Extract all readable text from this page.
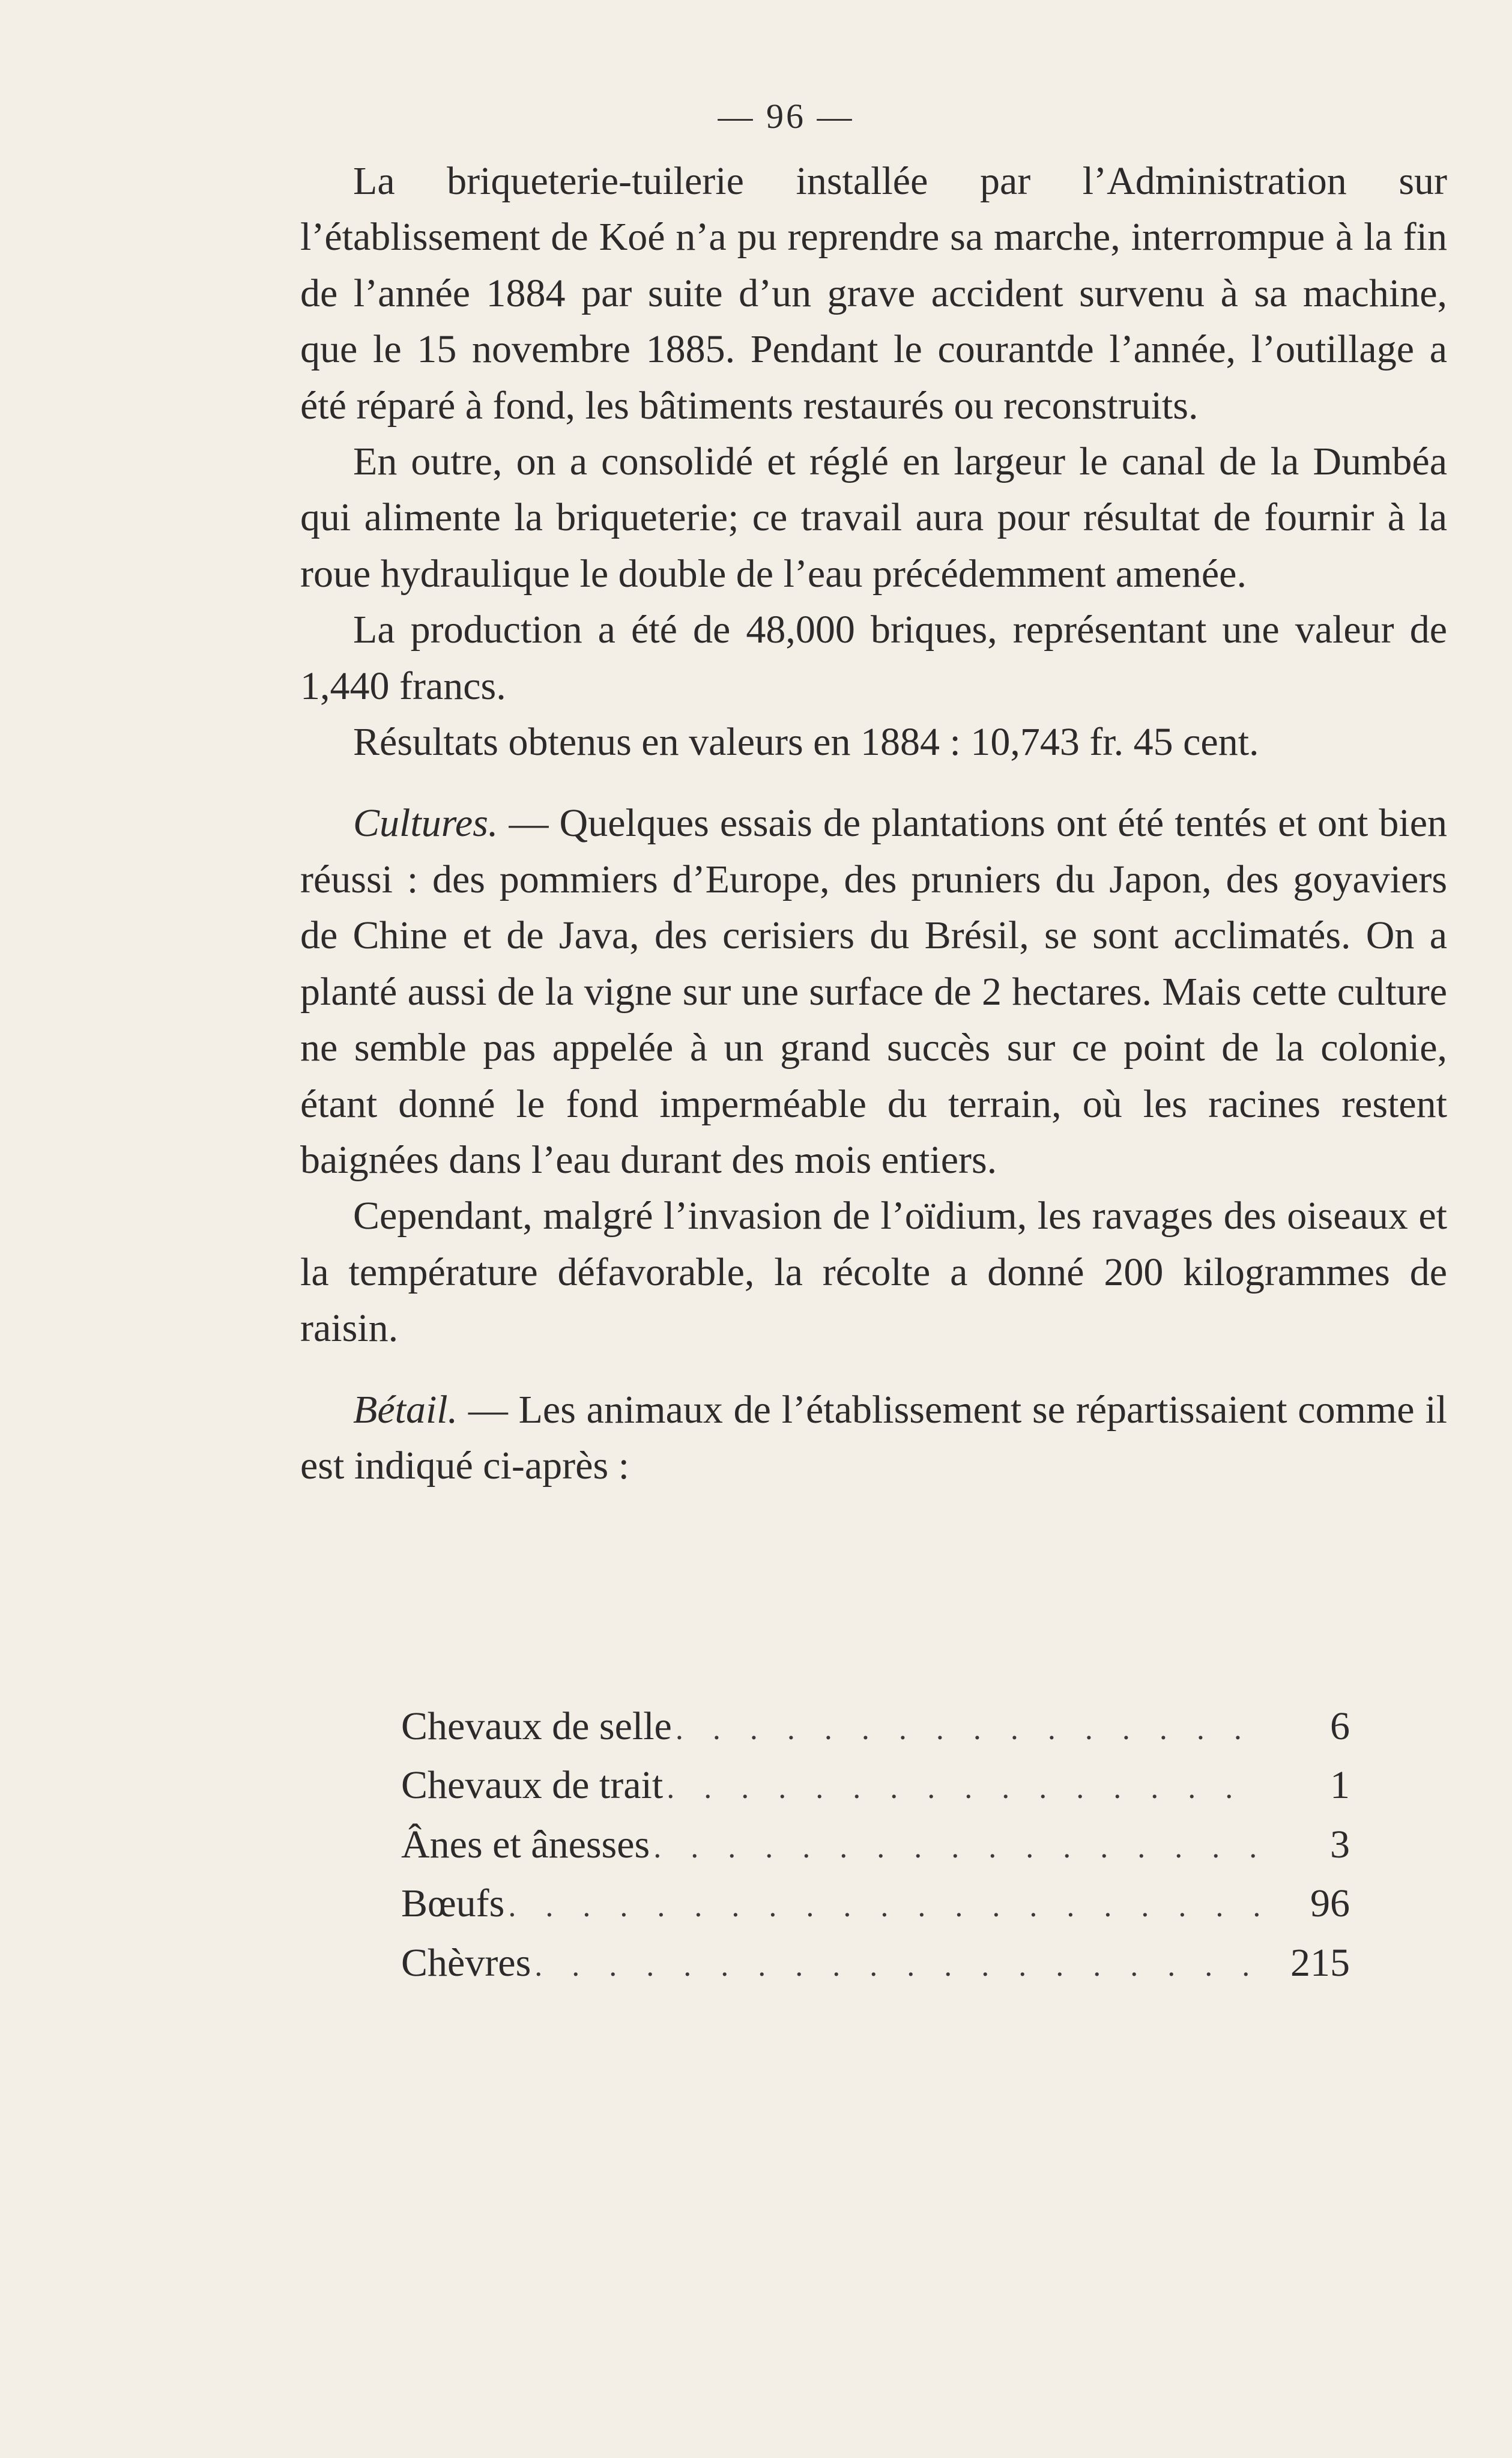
— 96 —

La briqueterie-tuilerie installée par l’Administration sur l’établissement de Koé n’a pu reprendre sa marche, interrompue à la fin de l’année 1884 par suite d’un grave accident survenu à sa machine, que le 15 novembre 1885. Pendant le courantde l’année, l’outillage a été réparé à fond, les bâtiments restaurés ou reconstruits.

En outre, on a consolidé et réglé en largeur le canal de la Dumbéa qui alimente la briqueterie; ce travail aura pour résultat de fournir à la roue hydraulique le double de l’eau précédemment amenée.

La production a été de 48,000 briques, représentant une valeur de 1,440 francs.

Résultats obtenus en valeurs en 1884 : 10,743 fr. 45 cent.

Cultures. — Quelques essais de plantations ont été tentés et ont bien réussi : des pommiers d’Europe, des pruniers du Japon, des goyaviers de Chine et de Java, des cerisiers du Brésil, se sont acclimatés. On a planté aussi de la vigne sur une surface de 2 hectares. Mais cette culture ne semble pas appelée à un grand succès sur ce point de la colonie, étant donné le fond imperméable du terrain, où les racines restent baignées dans l’eau durant des mois entiers.

Cependant, malgré l’invasion de l’oïdium, les ravages des oiseaux et la température défavorable, la récolte a donné 200 kilogrammes de raisin.

Bétail. — Les animaux de l’établissement se répartissaient comme il est indiqué ci-après :

Chevaux de selle . . .	6
Chevaux de trait . . .	1
Ânes et ânesses . . .	3
Bœufs . . .	96
Chèvres . . .	215
